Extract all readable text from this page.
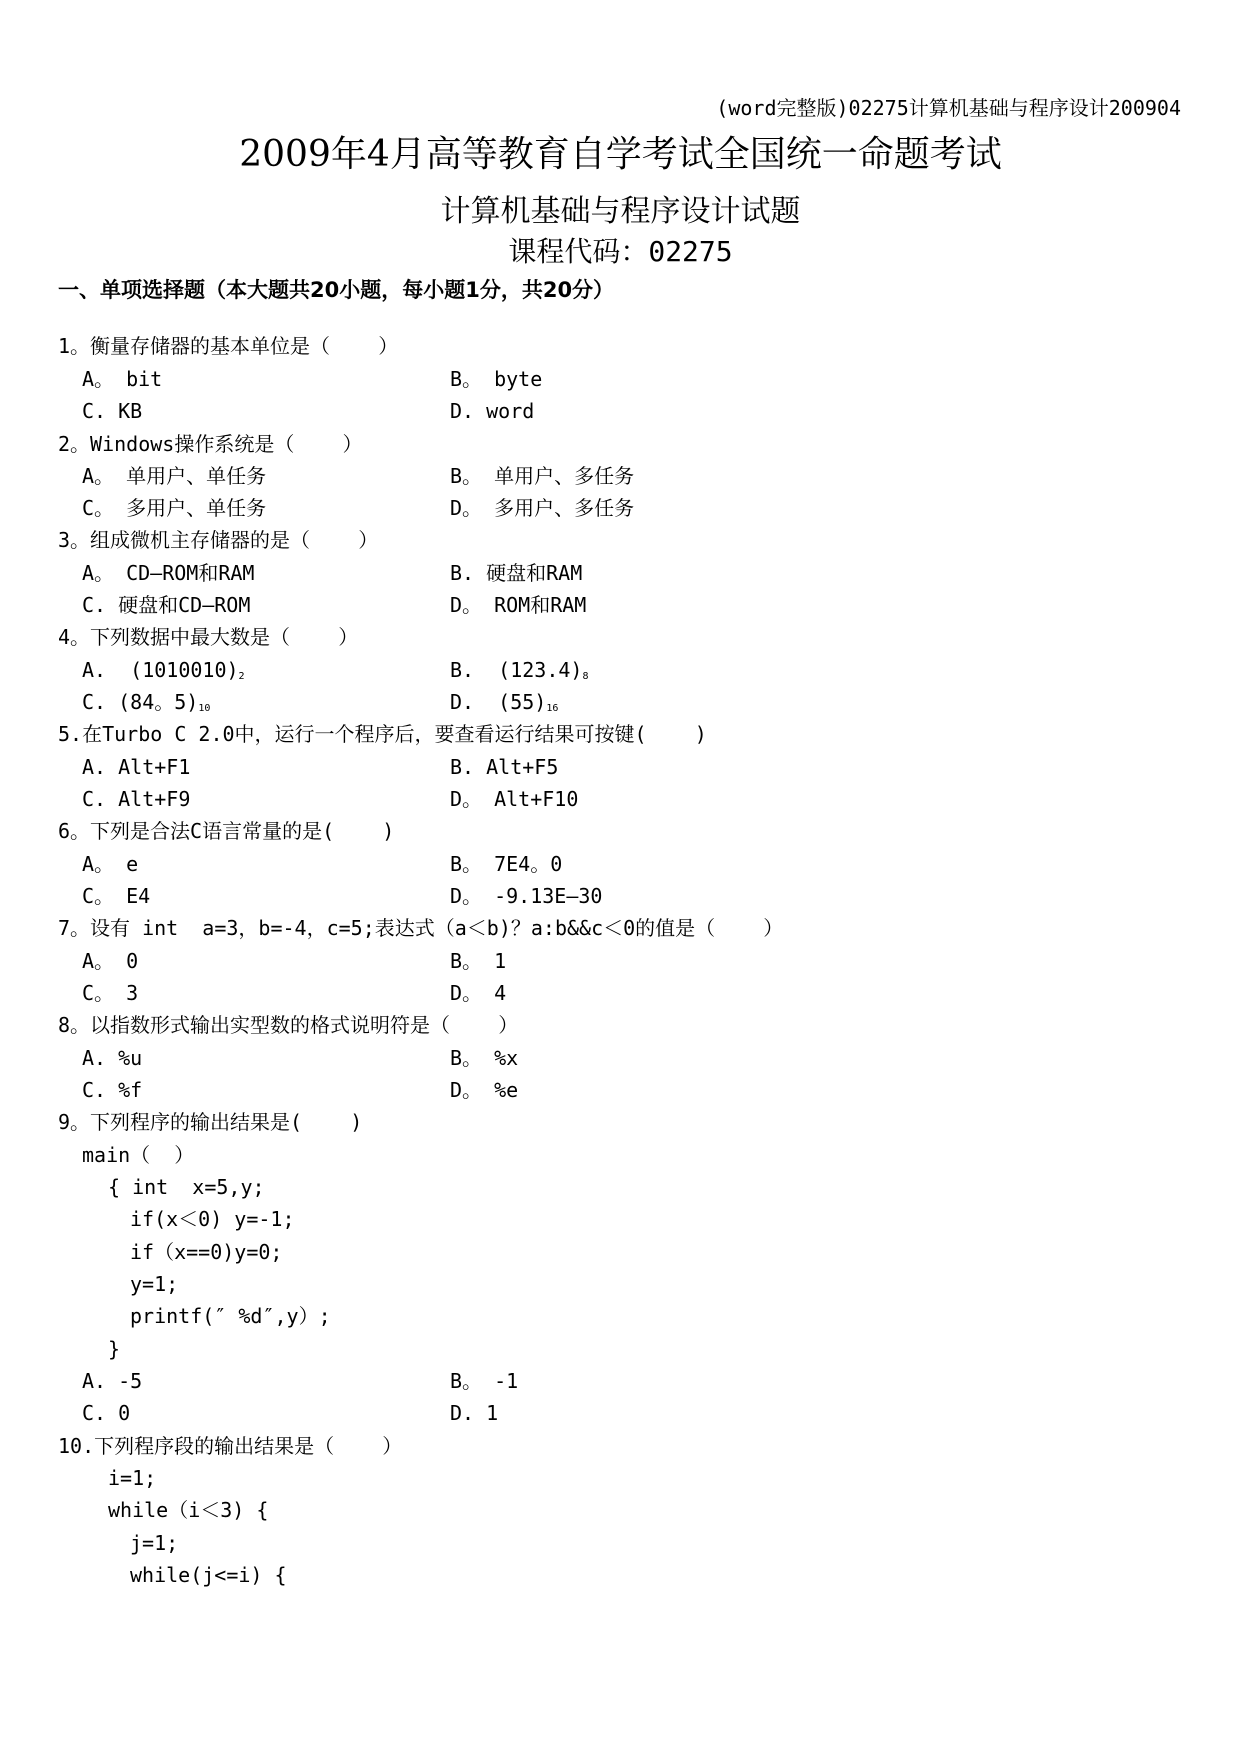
(word完整版)02275计算机基础与程序设计200904
2009年4月高等教育自学考试全国统一命题考试
计算机基础与程序设计试题
课程代码：02275
一、单项选择题（本大题共20小题，每小题1分，共20分）
1。衡量存储器的基本单位是（    ）
A。 bit	B。 byte
C. KB	D. word
2。Windows操作系统是（    ）
A。 单用户、单任务	B。 单用户、多任务
C。 多用户、单任务	D。 多用户、多任务
3。组成微机主存储器的是（    ）
A。 CD—ROM和RAM	B. 硬盘和RAM
C. 硬盘和CD—ROM	D。 ROM和RAM
4。下列数据中最大数是（    ）
A.  $(1010010)_2$	B.  $(123.4)_8$
C. (84。$5)_{10}$	D.  $(55)_{16}$
5.在Turbo C 2.0中，运行一个程序后，要查看运行结果可按键(    )
A. Alt+F1	B. Alt+F5
C. Alt+F9	D。 Alt+F10
6。下列是合法C语言常量的是(    )
A。 e	B。 7E4。0
C。 E4	D。 -9.13E—30
7。设有 int  a=3，b=-4，c=5;表达式（a＜b)？a:b&&c＜0的值是（    ）
A。 0	B。 1
C。 3	D。 4
8。以指数形式输出实型数的格式说明符是（    ）
A. %u	B。 %x
C. %f	D。 %e
9。下列程序的输出结果是(    )
main（  ）
{ int  x=5,y;
if(x＜0) y=-1;
if（x==0)y=0;
y=1;
printf(″ %d″,y）;
}
A. -5	B。 -1
C. 0	D. 1
10.下列程序段的输出结果是（    ）
i=1;
while（i＜3) {
j=1;
while(j<=i) {
